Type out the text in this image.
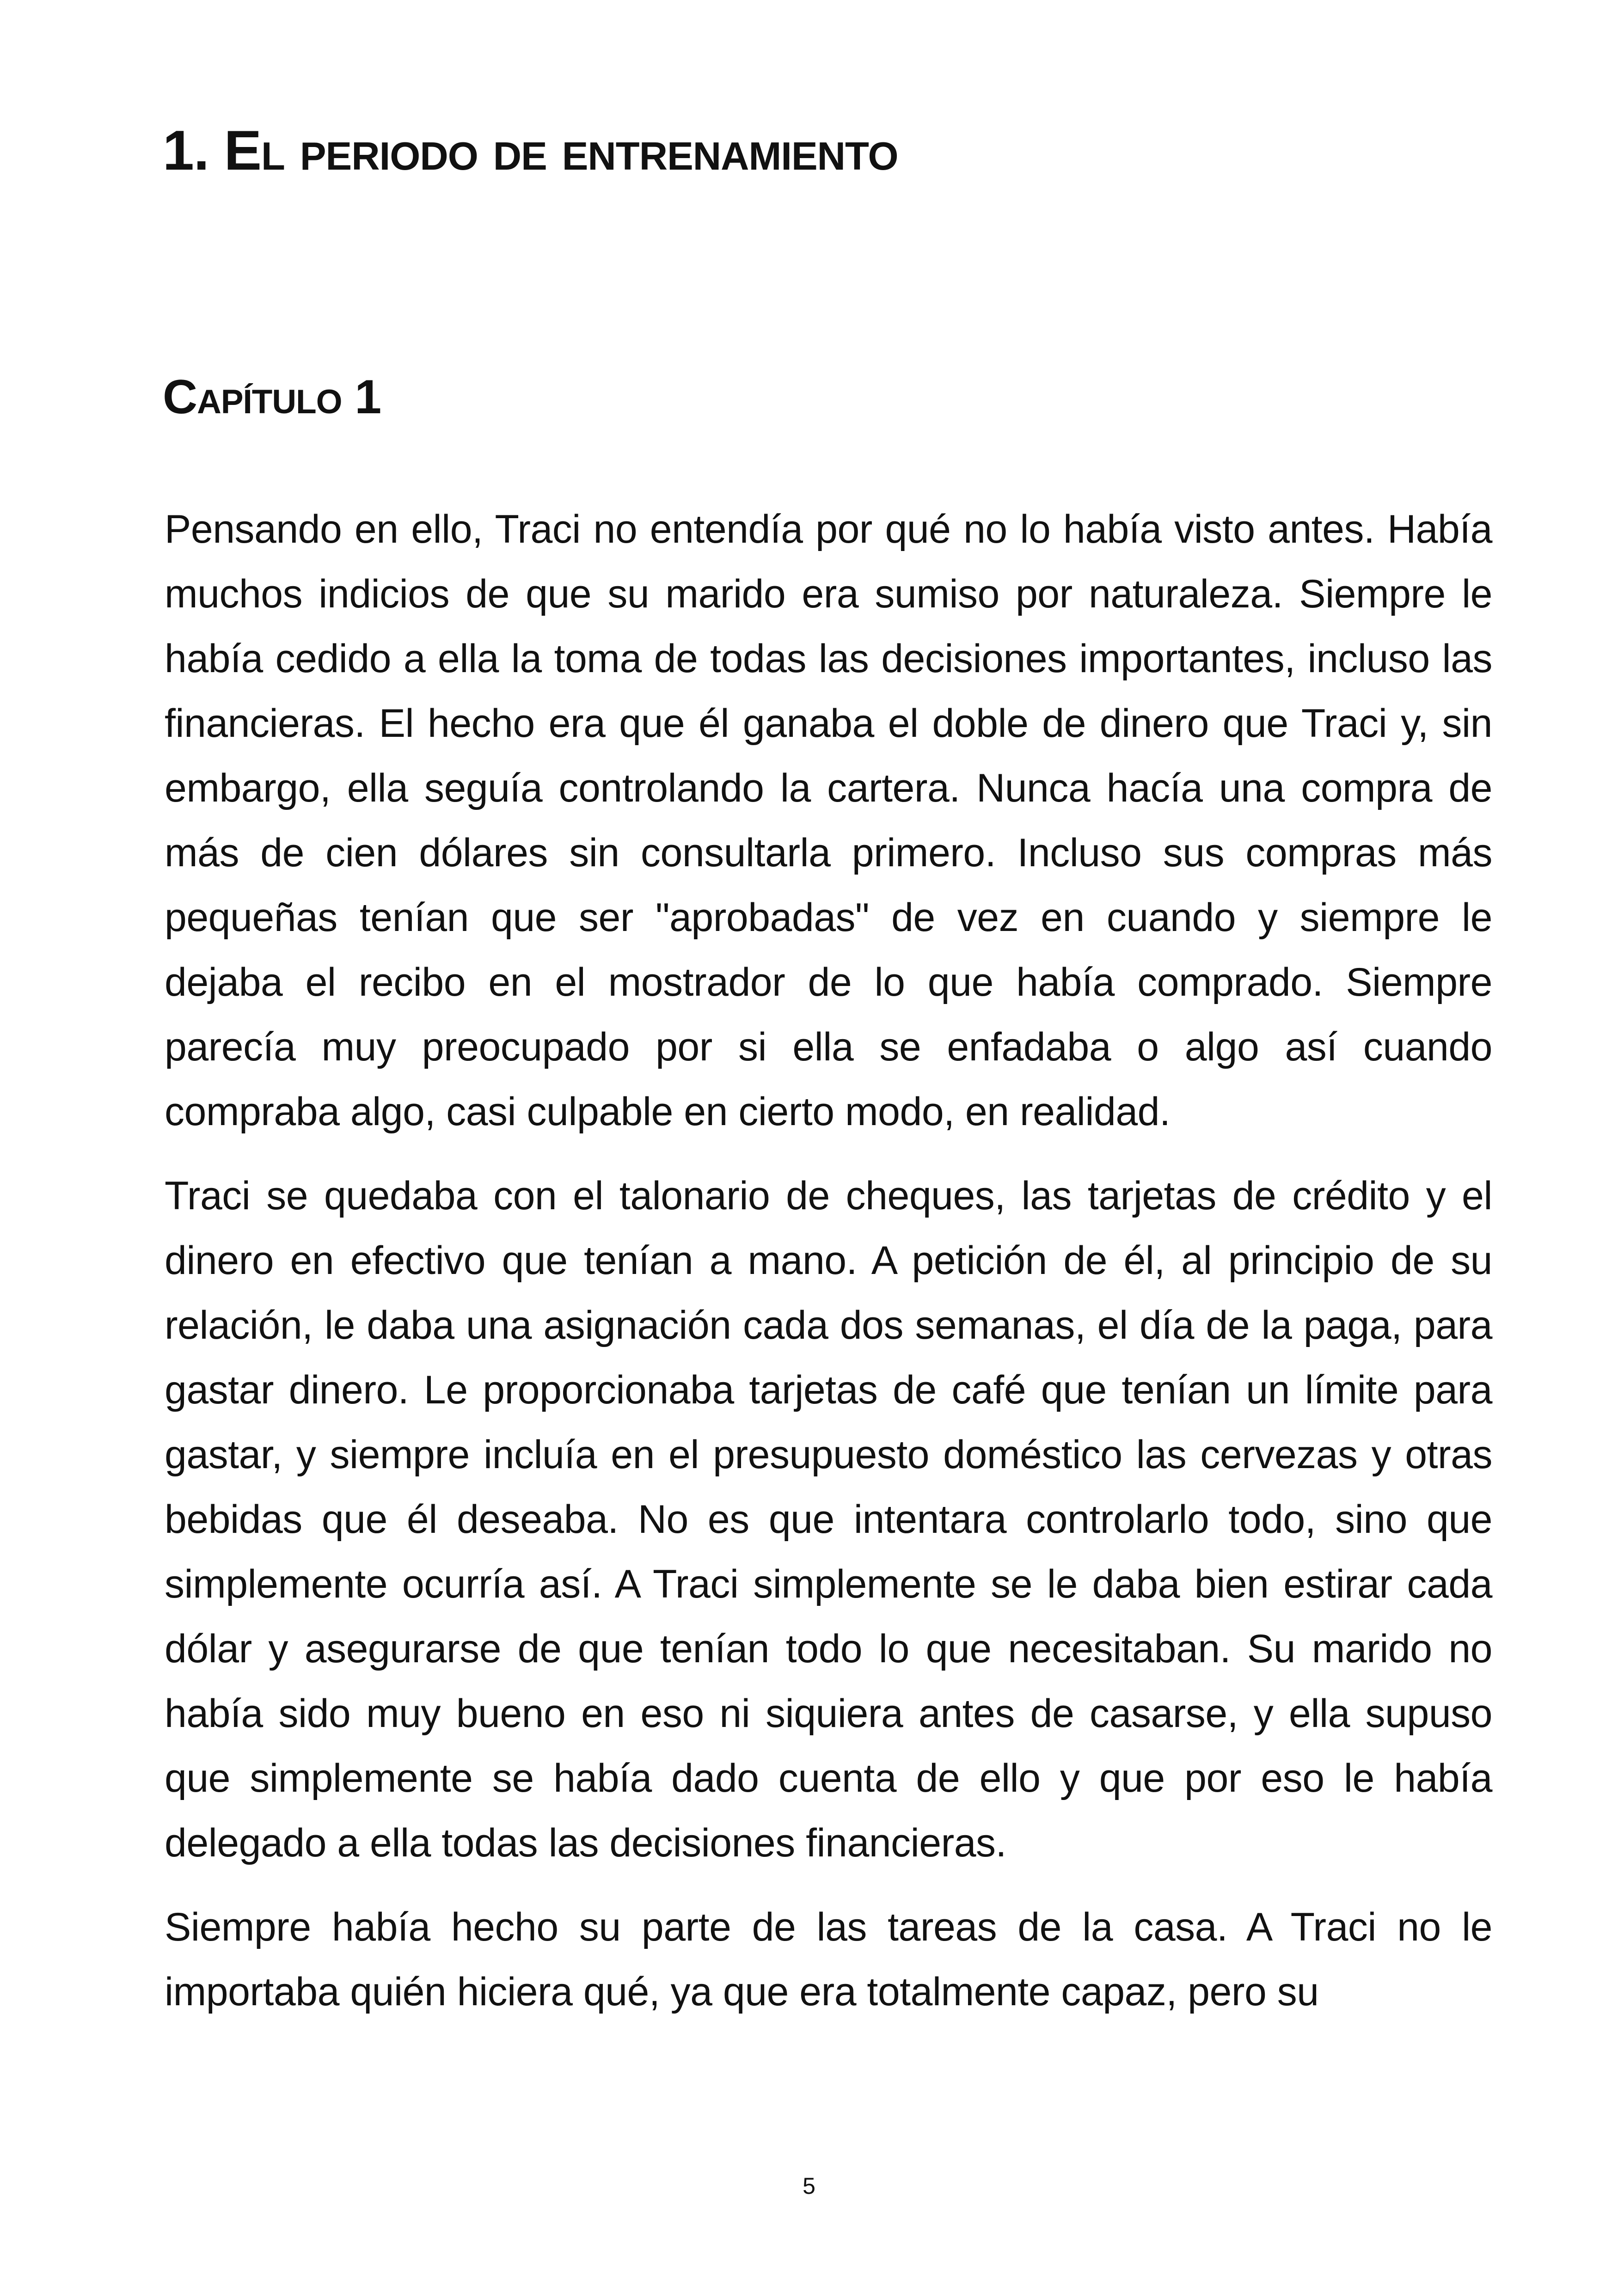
1. El periodo de entrenamiento
Capítulo 1

Pensando en ello, Traci no entendía por qué no lo había visto antes. Había muchos indicios de que su marido era sumiso por naturaleza. Siempre le había cedido a ella la toma de todas las decisiones importantes, incluso las financieras. El hecho era que él ganaba el doble de dinero que Traci y, sin embargo, ella seguía controlando la cartera. Nunca hacía una compra de más de cien dólares sin consultarla primero. Incluso sus compras más pequeñas tenían que ser "aprobadas" de vez en cuando y siempre le dejaba el recibo en el mostrador de lo que había comprado. Siempre parecía muy preocupado por si ella se enfadaba o algo así cuando compraba algo, casi culpable en cierto modo, en realidad.

Traci se quedaba con el talonario de cheques, las tarjetas de crédito y el dinero en efectivo que tenían a mano. A petición de él, al principio de su relación, le daba una asignación cada dos semanas, el día de la paga, para gastar dinero. Le proporcionaba tarjetas de café que tenían un límite para gastar, y siempre incluía en el presupuesto doméstico las cervezas y otras bebidas que él deseaba. No es que intentara controlarlo todo, sino que simplemente ocurría así. A Traci simplemente se le daba bien estirar cada dólar y asegurarse de que tenían todo lo que necesitaban. Su marido no había sido muy bueno en eso ni siquiera antes de casarse, y ella supuso que simplemente se había dado cuenta de ello y que por eso le había delegado a ella todas las decisiones financieras.

Siempre había hecho su parte de las tareas de la casa. A Traci no le importaba quién hiciera qué, ya que era totalmente capaz, pero su

5
